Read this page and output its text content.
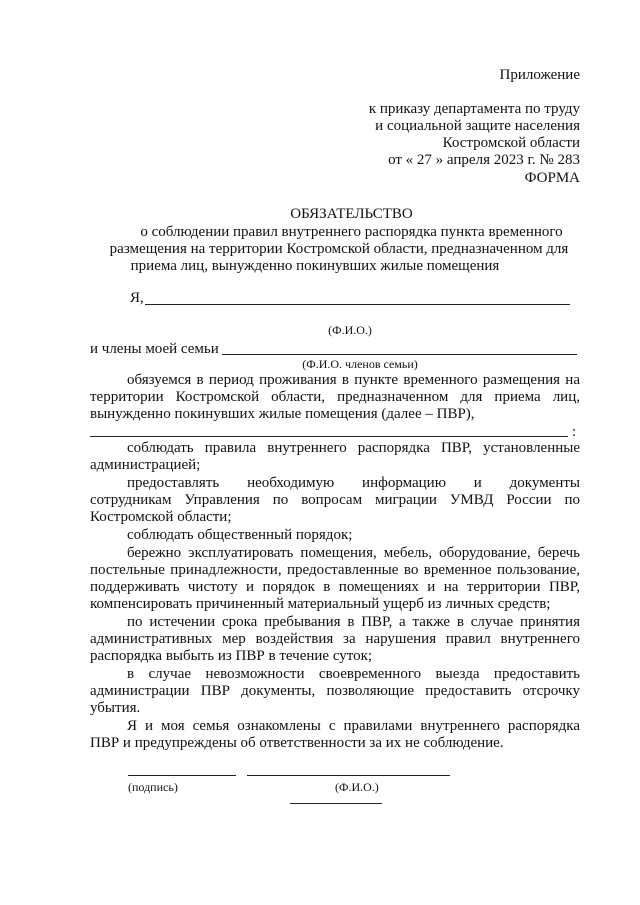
Приложение
к приказу департамента по труду
и социальной защите населения
Костромской области
от « 27 » апреля 2023 г. № 283
ФОРМА
ОБЯЗАТЕЛЬСТВО
о соблюдении правил внутреннего распорядка пункта временного
размещения на территории Костромской области, предназначенном для
приема лиц, вынужденно покинувших жилые помещения
Я,
(Ф.И.О.)
и члены моей семьи
(Ф.И.О. членов семьи)
обязуемся в период проживания в пункте временного размещения на
территории Костромской области, предназначенном для приема лиц,
вынужденно покинувших жилые помещения (далее – ПВР),
:
соблюдать правила внутреннего распорядка ПВР, установленные
администрацией;
предоставлять необходимую информацию и документы
сотрудникам Управления по вопросам миграции УМВД России по
Костромской области;
соблюдать общественный порядок;
бережно эксплуатировать помещения, мебель, оборудование, беречь
постельные принадлежности, предоставленные во временное пользование,
поддерживать чистоту и порядок в помещениях и на территории ПВР,
компенсировать причиненный материальный ущерб из личных средств;
по истечении срока пребывания в ПВР, а также в случае принятия
административных мер воздействия за нарушения правил внутреннего
распорядка выбыть из ПВР в течение суток;
в случае невозможности своевременного выезда предоставить
администрации ПВР документы, позволяющие предоставить отсрочку
убытия.
Я и моя семья ознакомлены с правилами внутреннего распорядка
ПВР и предупреждены об ответственности за их не соблюдение.
(подпись)	(Ф.И.О.)
